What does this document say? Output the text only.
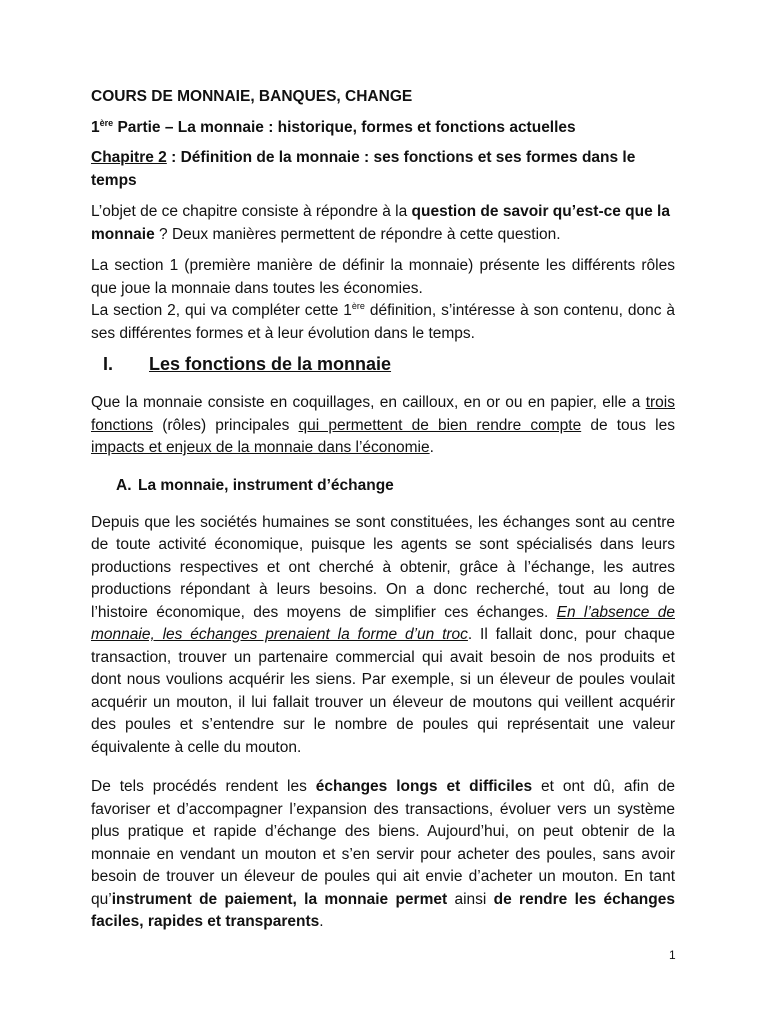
COURS DE MONNAIE, BANQUES, CHANGE

1ère Partie – La monnaie : historique, formes et fonctions actuelles

Chapitre 2 : Définition de la monnaie : ses fonctions et ses formes dans le temps

L’objet de ce chapitre consiste à répondre à la question de savoir qu’est-ce que la monnaie ? Deux manières permettent de répondre à cette question.

La section 1 (première manière de définir la monnaie) présente les différents rôles que joue la monnaie dans toutes les économies.

La section 2, qui va compléter cette 1ère définition, s’intéresse à son contenu, donc à ses différentes formes et à leur évolution dans le temps.

I.	Les fonctions de la monnaie

Que la monnaie consiste en coquillages, en cailloux, en or ou en papier, elle a trois fonctions (rôles) principales qui permettent de bien rendre compte de tous les impacts et enjeux de la monnaie dans l’économie.

A. La monnaie, instrument d’échange

Depuis que les sociétés humaines se sont constituées, les échanges sont au centre de toute activité économique, puisque les agents se sont spécialisés dans leurs productions respectives et ont cherché à obtenir, grâce à l’échange, les autres productions répondant à leurs besoins. On a donc recherché, tout au long de l’histoire économique, des moyens de simplifier ces échanges. En l’absence de monnaie, les échanges prenaient la forme d’un troc. Il fallait donc, pour chaque transaction, trouver un partenaire commercial qui avait besoin de nos produits et dont nous voulions acquérir les siens. Par exemple, si un éleveur de poules voulait acquérir un mouton, il lui fallait trouver un éleveur de moutons qui veillent acquérir des poules et s’entendre sur le nombre de poules qui représentait une valeur équivalente à celle du mouton.

De tels procédés rendent les échanges longs et difficiles et ont dû, afin de favoriser et d’accompagner l’expansion des transactions, évoluer vers un système plus pratique et rapide d’échange des biens. Aujourd’hui, on peut obtenir de la monnaie en vendant un mouton et s’en servir pour acheter des poules, sans avoir besoin de trouver un éleveur de poules qui ait envie d’acheter un mouton. En tant qu’instrument de paiement, la monnaie permet ainsi de rendre les échanges faciles, rapides et transparents.

1
